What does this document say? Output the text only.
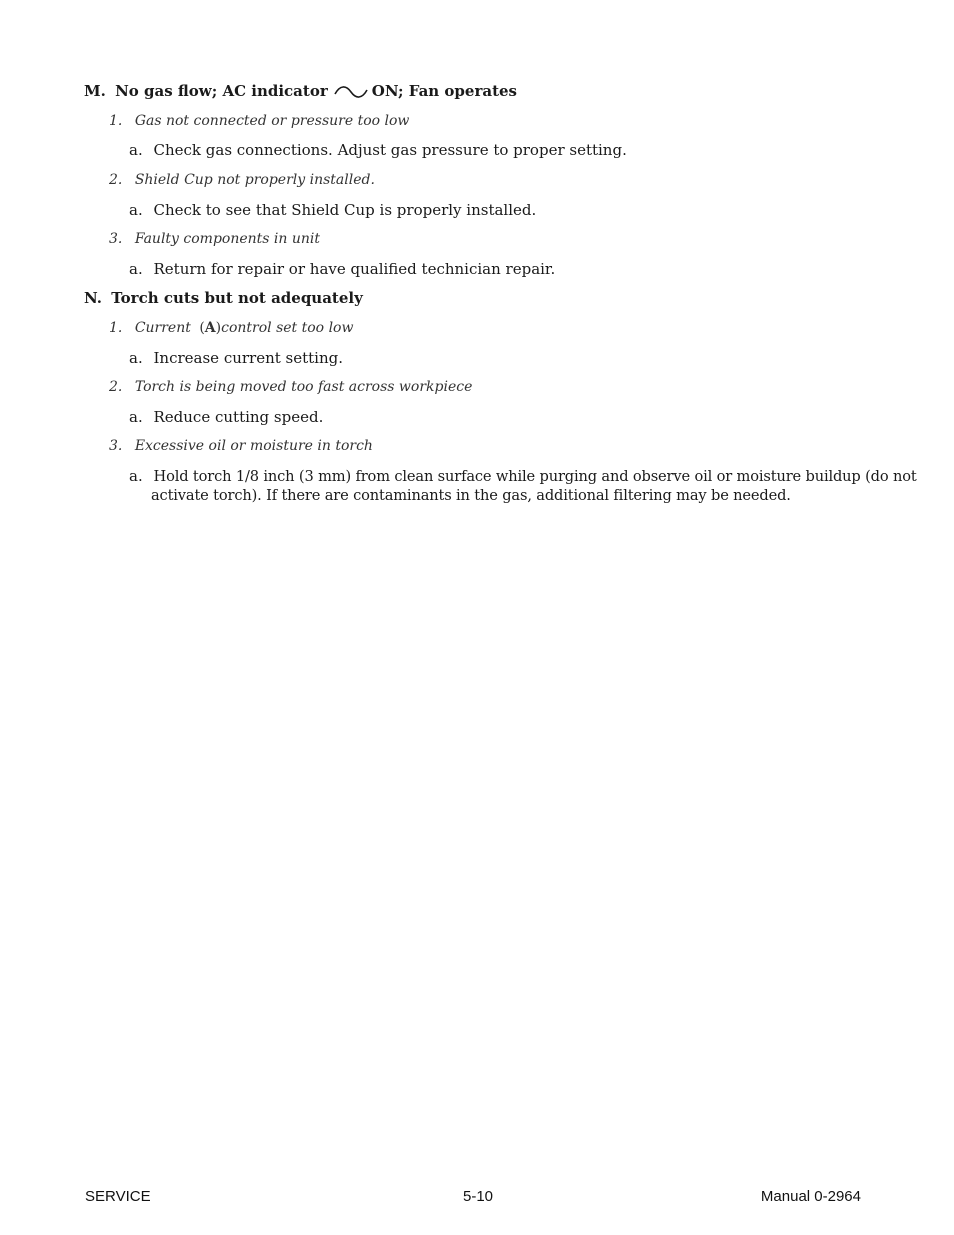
M. No gas flow; AC indicator	ON; Fan operates
1. Gas not connected or pressure too low
a. Check gas connections. Adjust gas pressure to proper setting.
2. Shield Cup not properly installed.
a. Check to see that Shield Cup is properly installed.
3. Faulty components in unit
a. Return for repair or have qualified technician repair.
N. Torch cuts but not adequately
1. Current (A)control set too low
a. Increase current setting.
2. Torch is being moved too fast across workpiece
a. Reduce cutting speed.
3. Excessive oil or moisture in torch
a. Hold torch 1/8 inch (3 mm) from clean surface while purging and observe oil or moisture buildup (do not
activate torch). If there are contaminants in the gas, additional filtering may be needed.
SERVICE	5-10	Manual 0-2964
